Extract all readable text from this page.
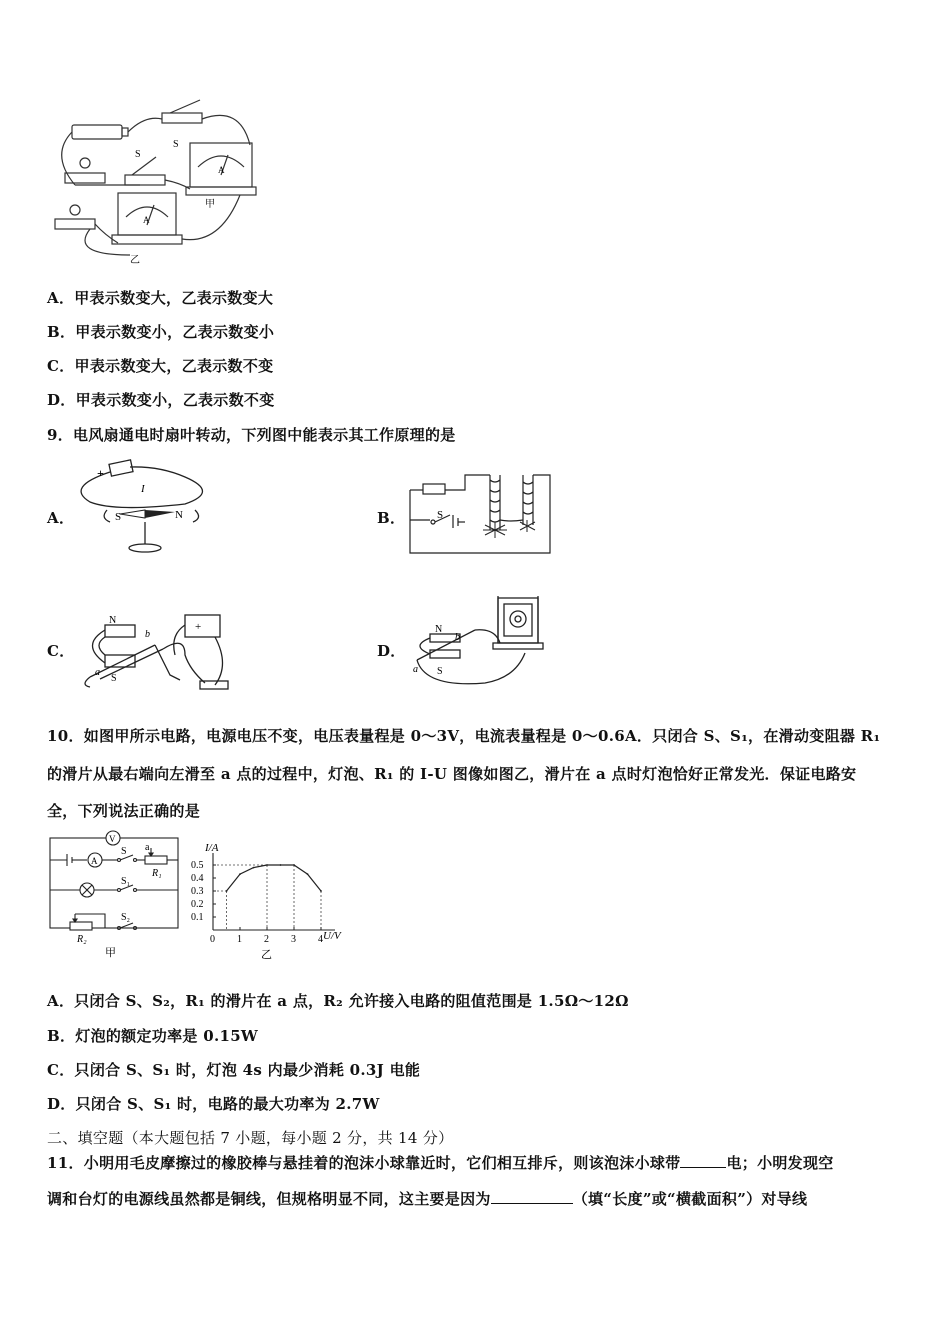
S
S
A
A
甲
乙
A．甲表示数变大，乙表示数变大
B．甲表示数变小，乙表示数变小
C．甲表示数变大，乙表示数不变
D．甲表示数变小，乙表示数不变
9．电风扇通电时扇叶转动，下列图中能表示其工作原理的是
A．
+
I
S	N	B．	S
C．
N
a
b
S
+
D．
N
b
a S
10．如图甲所示电路，电源电压不变，电压表量程是 0～3V，电流表量程是 0～0.6A．只闭合 S、S₁，在滑动变阻器 R₁
的滑片从最右端向左滑至 a 点的过程中，灯泡、R₁ 的 I-U 图像如图乙，滑片在 a 点时灯泡恰好正常发光．保证电路安
全，下列说法正确的是
V
A
S a
R₁
S₁
S₂
R₂
甲
0 1 2 3 4
0.1
0.2
0.3
0.4
0.5
I/A
U/V
乙
A．只闭合 S、S₂，R₁ 的滑片在 a 点，R₂ 允许接入电路的阻值范围是 1.5Ω～12Ω
B．灯泡的额定功率是 0.15W
C．只闭合 S、S₁ 时，灯泡 4s 内最少消耗 0.3J 电能
D．只闭合 S、S₁ 时，电路的最大功率为 2.7W
二、填空题（本大题包括 7 小题，每小题 2 分，共 14 分）
11．小明用毛皮摩擦过的橡胶棒与悬挂着的泡沫小球靠近时，它们相互排斥，则该泡沫小球带	电；小明发现空
调和台灯的电源线虽然都是铜线，但规格明显不同，这主要是因为	（填“长度”或“横截面积”）对导线
